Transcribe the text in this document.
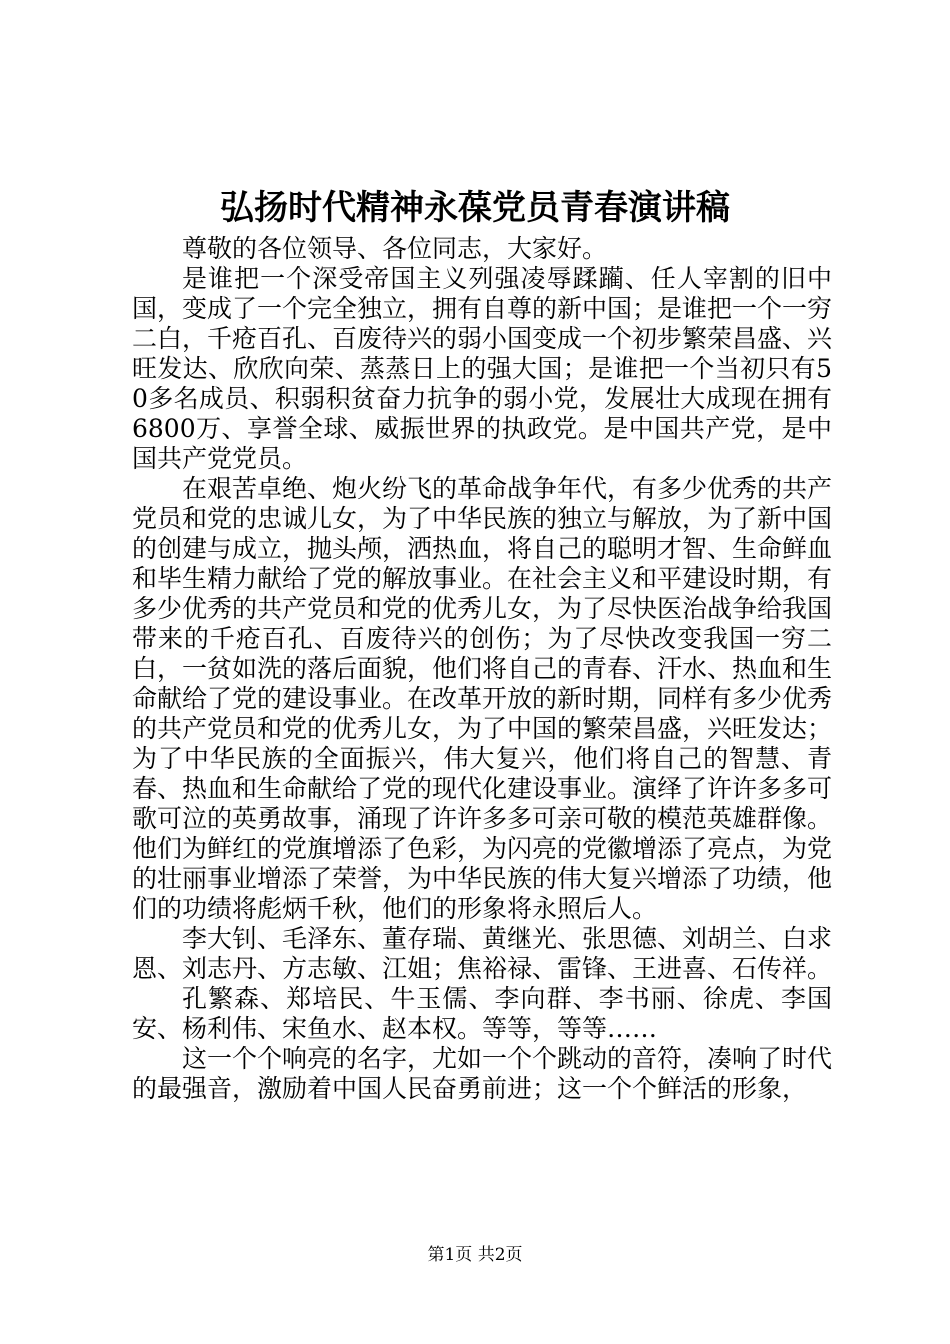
弘扬时代精神永葆党员青春演讲稿

尊敬的各位领导、各位同志，大家好。

是谁把一个深受帝国主义列强凌辱蹂躏、任人宰割的旧中国，变成了一个完全独立，拥有自尊的新中国；是谁把一个一穷二白，千疮百孔、百废待兴的弱小国变成一个初步繁荣昌盛、兴旺发达、欣欣向荣、蒸蒸日上的强大国；是谁把一个当初只有50多名成员、积弱积贫奋力抗争的弱小党，发展壮大成现在拥有6800万、享誉全球、威振世界的执政党。是中国共产党，是中国共产党党员。

在艰苦卓绝、炮火纷飞的革命战争年代，有多少优秀的共产党员和党的忠诚儿女，为了中华民族的独立与解放，为了新中国的创建与成立，抛头颅，洒热血，将自己的聪明才智、生命鲜血和毕生精力献给了党的解放事业。在社会主义和平建设时期，有多少优秀的共产党员和党的优秀儿女，为了尽快医治战争给我国带来的千疮百孔、百废待兴的创伤；为了尽快改变我国一穷二白，一贫如洗的落后面貌，他们将自己的青春、汗水、热血和生命献给了党的建设事业。在改革开放的新时期，同样有多少优秀的共产党员和党的优秀儿女，为了中国的繁荣昌盛，兴旺发达；为了中华民族的全面振兴，伟大复兴，他们将自己的智慧、青春、热血和生命献给了党的现代化建设事业。演绎了许许多多可歌可泣的英勇故事，涌现了许许多多可亲可敬的模范英雄群像。他们为鲜红的党旗增添了色彩，为闪亮的党徽增添了亮点，为党的壮丽事业增添了荣誉，为中华民族的伟大复兴增添了功绩，他们的功绩将彪炳千秋，他们的形象将永照后人。

李大钊、毛泽东、董存瑞、黄继光、张思德、刘胡兰、白求恩、刘志丹、方志敏、江姐；焦裕禄、雷锋、王进喜、石传祥。

孔繁森、郑培民、牛玉儒、李向群、李书丽、徐虎、李国安、杨利伟、宋鱼水、赵本权。等等，等等……

这一个个响亮的名字，尤如一个个跳动的音符，凑响了时代的最强音，激励着中国人民奋勇前进；这一个个鲜活的形象，

第1页 共2页
